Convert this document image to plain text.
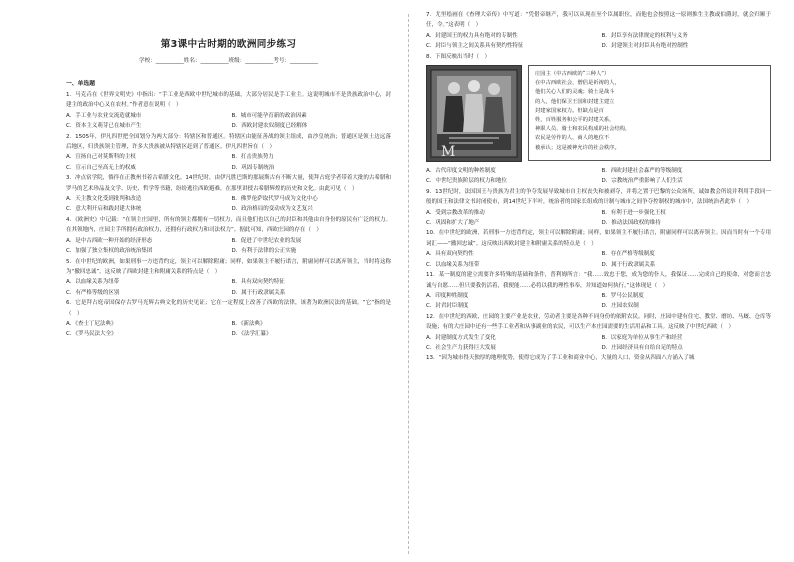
第3课中古时期的欧洲同步练习
学校：__________姓名：__________班级：__________考号：__________
一、单选题
1．马克垚在《世界文明史》中指出：“手工业是西欧中世纪城市的基础，大部分居民是手工业主。这说明城市不是贵族政治中心，封建主的政治中心又在农村。”作者意在说明（　）
A．手工业与农业交流造就城市	B．城市可能孕育新的政治因素
C．资本主义萌芽已在城市产生	D．西欧封建农奴制度已经解体
2．1505年，伊凡四世把全国划分为两大部分：特辖区和普通区。特辖区由能征善战的领主组成，由沙皇统治；普通区是领土边远落后地区，归贵族领主管理，许多大贵族被从特辖区赶到了普通区。伊凡四世旨在（　）
A．宣扬自己对莫斯科的主权	B．打击贵族势力
C．宣示自己至高无上的权威	D．巩固专制统治
3．冲点宿学院，徜徉在正教州书着古希腊文化。14世纪时，由伊凡胜巴斯的那展斯古有不断大量，使拜占庭学者带着大批的古希腊和罗马的艺术珍品及文学、历史、哲学等书籍，纷纷逃往西欧避难，在那里讲授古希腊辉煌的历史和文化。由此可见（　）
A．天主教文化受到批判和改造	B．佛罗伦萨取代罗马成为文化中心
C．意大利开启和践封建大体统	D．政治格局的变动成为文艺复兴
4．《欧洲史》中记载：“在领主庄园里，所有的领主都拥有一切权力，而且他们也以自己的封臣和其他由自身份的原民有广泛的权力。在其领地内，庄园主手所拥有政治权力，还拥有行政权力和司法权力”。据此可知，西欧庄园的存在（　）
A．是中古西欧一种开始的经济形态	B．促进了中世纪农业的发展
C．加强了独立集权的政治统治集团	D．有利于法律的公正实施
5．在中世纪的欧洲，如果刑事一方违背约定，领主可以解除附庸；同样，如果领主不履行诺言，附庸同样可以离弃领主，当时将这称为“撤回忠诚”。这反映了西欧封建主和附庸关系的特点是（　）
A．以血缘关系为纽带	B．具有双向契约特征
C．有严格等级的区别	D．属于行政隶属关系
6．它是拜占庭帝国保存古罗马光辉古典文化的历史见证；它在一定程度上改善了西欧的法律，该著为欧洲民法的基础。“它”指的是（　）
A．《查士丁尼法典》	B．《新法典》
C．《罗马民法大全》	D．《法学汇纂》
7．尤里绘画在《查理大帝传》中写道：“凭借帝继产，我可以从现在至个臣属职位，而他也会按照这一原则推生主教或伯爵封，就会归顺于任，令。”这表明（　）
A．封建国王的权力具有绝对的专制性	B．封臣享有法律规定的权利与义务
C．封臣与领主之间关系具有契约性特征	D．封建领主对封臣具有绝对控制性
8．下图反映出当时（　）
M
庄园主（中古西欧的“三种人”）
在中古西欧社会，僧侣是祈祷的人，
他们关心人们的灵魂；骑士是战斗
的人，他们保卫王国和封建主建立
封建家国家权力。但缺点是百
姓，百姓服务和公平的封建关系，
神职人员、骑士和农民构成的社会结构，
农民是劳作的人，商人的地位不
被承认；这是被神允许的社会秩序。
A．古代印度文明的种姓制度	B．西欧封建社会森严的等级制度
C．中世纪贵族阶层的权力和地位	D．宗教统治严重影响了人们生活
9．13世纪时，法国国王与贵族为君主的争夺发展导致城市自主权丧失和被剥夺，并将之置于巴黎的公众场所，诚如教会所说并利用手段同一般的国王和法律文书封闭使市，到14世纪下半叶，统治者的国家长组成的计制与城市之间争夺控制权的城市中，法国统治者此举（　）
A．受到宗教改革的推动	B．有利于进一步强化王权
C．巩固和扩大了地产	D．推动法国政权的维持
10．在中世纪的欧洲，若刑事一方违背约定，领主可以解除附庸；同样，如果领主不履行诺言，附庸同样可以离弃领主。因而当时有一个专用词汇——“撤回忠诚”。这反映出西欧封建主和附庸关系的特点是（　）
A．具有双向契约性	B．存在严格等级制度
C．以血缘关系为纽带	D．属于行政隶属关系
11．某一制度的建立需要许多特殊的基础和条件，普利姆所言：“我……效忠于您，成为您的仆人，我保证……完成自己的使命，对您而言忠诚与自愿……但只要我仍活着，我便能……必将以我的理性事奉，并知道如何执行。”这体现是（　）
A．印度种姓制度	B．罗马公民制度
C．封君封臣制度	D．庄园农奴制
12．在中世纪的西欧，庄园的主要产业是农业，劳动者主要是各种不同身份的依附农民。同时，庄园中建有住宅、教堂、磨坊、马厩、仓库等设施；有的大庄园中还有一些手工业者和从事副业的农民，可以生产本庄园需要的生活用品和工具。这反映了中世纪西欧（　）
A．封建制度方式发生了变化	B．以家庭为单位从事生产和经营
C．社会生产力获得巨大发展	D．庄园经济具有自给自足的特点
13．“因为城市得天独厚的地理优势，使得它成为了手工业和商业中心，大量的人口、资金从四面八方涌入了城
